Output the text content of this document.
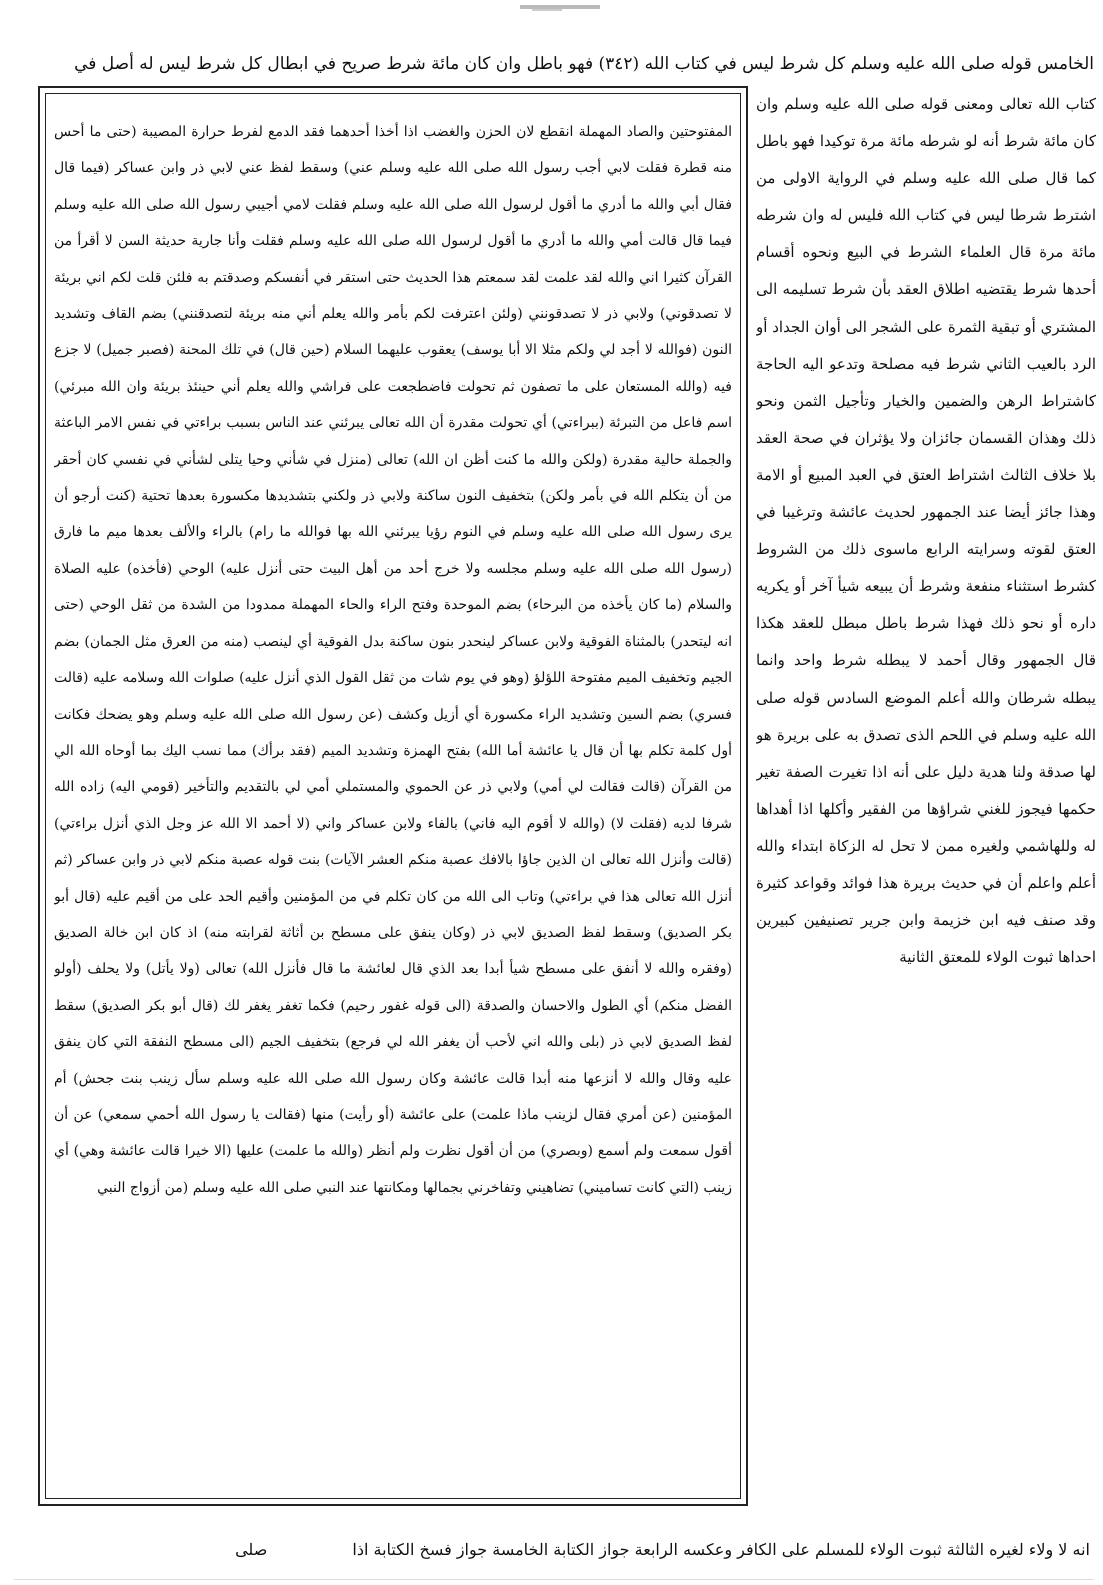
الخامس قوله صلى الله عليه وسلم كل شرط ليس في كتاب الله (٣٤٢) فهو باطل وان كان مائة شرط صريح في ابطال كل شرط ليس له أصل في
كتاب الله تعالى ومعنى قوله صلى الله عليه وسلم وان كان مائة شرط أنه لو شرطه مائة مرة توكيدا فهو باطل كما قال صلى الله عليه وسلم في الرواية الاولى من اشترط شرطا ليس في كتاب الله فليس له وان شرطه مائة مرة قال العلماء الشرط في البيع ونحوه أقسام أحدها شرط يقتضيه اطلاق العقد بأن شرط تسليمه الى المشتري أو تبقية الثمرة على الشجر الى أوان الجداد أو الرد بالعيب الثاني شرط فيه مصلحة وتدعو اليه الحاجة كاشتراط الرهن والضمين والخيار وتأجيل الثمن ونحو ذلك وهذان القسمان جائزان ولا يؤثران في صحة العقد بلا خلاف الثالث اشتراط العتق في العبد المبيع أو الامة وهذا جائز أيضا عند الجمهور لحديث عائشة وترغيبا في العتق لقوته وسرايته الرابع ماسوى ذلك من الشروط كشرط استثناء منفعة وشرط أن يبيعه شيأ آخر أو يكريه داره أو نحو ذلك فهذا شرط باطل مبطل للعقد هكذا قال الجمهور وقال أحمد لا يبطله شرط واحد وانما يبطله شرطان والله أعلم الموضع السادس قوله صلى الله عليه وسلم في اللحم الذى تصدق به على بريرة هو لها صدقة ولنا هدية دليل على أنه اذا تغيرت الصفة تغير حكمها فيجوز للغني شراؤها من الفقير وأكلها اذا أهداها له وللهاشمي ولغيره ممن لا تحل له الزكاة ابتداء والله أعلم واعلم أن في حديث بريرة هذا فوائد وقواعد كثيرة وقد صنف فيه ابن خزيمة وابن جرير تصنيفين كبيرين احداها ثبوت الولاء للمعتق الثانية
المفتوحتين والصاد المهملة انقطع لان الحزن والغضب اذا أخذا أحدهما فقد الدمع لفرط حرارة المصيبة (حتى ما أحس منه قطرة فقلت لابي أجب رسول الله صلى الله عليه وسلم عني) وسقط لفظ عني لابي ذر وابن عساكر (فيما قال فقال أبي والله ما أدري ما أقول لرسول الله صلى الله عليه وسلم فقلت لامي أجيبي رسول الله صلى الله عليه وسلم فيما قال قالت أمي والله ما أدري ما أقول لرسول الله صلى الله عليه وسلم فقلت وأنا جارية حديثة السن لا أقرأ من القرآن كثيرا اني والله لقد علمت لقد سمعتم هذا الحديث حتى استقر في أنفسكم وصدقتم به فلئن قلت لكم اني بريئة لا تصدقوني) ولابي ذر لا تصدقونني (ولئن اعترفت لكم بأمر والله يعلم أني منه بريئة لتصدقنني) بضم القاف وتشديد النون (فوالله لا أجد لي ولكم مثلا الا أبا يوسف) يعقوب عليهما السلام (حين قال) في تلك المحنة (فصبر جميل) لا جزع فيه (والله المستعان على ما تصفون ثم تحولت فاضطجعت على فراشي والله يعلم أني حينئذ بريئة وان الله مبرئي) اسم فاعل من التبرئة (ببراءتي) أي تحولت مقدرة أن الله تعالى يبرئني عند الناس بسبب براءتي في نفس الامر الباعثة والجملة حالية مقدرة (ولكن والله ما كنت أظن ان الله) تعالى (منزل في شأني وحيا يتلى لشأني في نفسي كان أحقر من أن يتكلم الله في بأمر ولكن) بتخفيف النون ساكنة ولابي ذر ولكني بتشديدها مكسورة بعدها تحتية (كنت أرجو أن يرى رسول الله صلى الله عليه وسلم في النوم رؤيا يبرئني الله بها فوالله ما رام) بالراء والألف بعدها ميم ما فارق (رسول الله صلى الله عليه وسلم مجلسه ولا خرج أحد من أهل البيت حتى أنزل عليه) الوحي (فأخذه) عليه الصلاة والسلام (ما كان يأخذه من البرحاء) بضم الموحدة وفتح الراء والحاء المهملة ممدودا من الشدة من ثقل الوحي (حتى انه ليتحدر) بالمثناة الفوقية ولابن عساكر لينحدر بنون ساكنة بدل الفوقية أي لينصب (منه من العرق مثل الجمان) بضم الجيم وتخفيف الميم مفتوحة اللؤلؤ (وهو في يوم شات من ثقل القول الذي أنزل عليه) صلوات الله وسلامه عليه (قالت فسري) بضم السين وتشديد الراء مكسورة أي أزيل وكشف (عن رسول الله صلى الله عليه وسلم وهو يضحك فكانت أول كلمة تكلم بها أن قال يا عائشة أما الله) بفتح الهمزة وتشديد الميم (فقد برأك) مما نسب اليك بما أوحاه الله الي من القرآن (قالت فقالت لي أمي) ولابي ذر عن الحموي والمستملي أمي لي بالتقديم والتأخير (قومي اليه) زاده الله شرفا لديه (فقلت لا) (والله لا أقوم اليه فاني) بالفاء ولابن عساكر واني (لا أحمد الا الله عز وجل الذي أنزل براءتي) (قالت وأنزل الله تعالى ان الذين جاؤا بالافك عصبة منكم العشر الآيات) بنت قوله عصبة منكم لابي ذر وابن عساكر (ثم أنزل الله تعالى هذا في براءتي) وتاب الى الله من كان تكلم في من المؤمنين وأقيم الحد على من أقيم عليه (قال أبو بكر الصديق) وسقط لفظ الصديق لابي ذر (وكان ينفق على مسطح بن أثاثة لقرابته منه) اذ كان ابن خالة الصديق (وفقره والله لا أنفق على مسطح شيأ أبدا بعد الذي قال لعائشة ما قال فأنزل الله) تعالى (ولا يأتل) ولا يحلف (أولو الفضل منكم) أي الطول والاحسان والصدقة (الى قوله غفور رحيم) فكما تغفر يغفر لك (قال أبو بكر الصديق) سقط لفظ الصديق لابي ذر (بلى والله اني لأحب أن يغفر الله لي فرجع) بتخفيف الجيم (الى مسطح النفقة التي كان ينفق عليه وقال والله لا أنزعها منه أبدا قالت عائشة وكان رسول الله صلى الله عليه وسلم سأل زينب بنت جحش) أم المؤمنين (عن أمري فقال لزينب ماذا علمت) على عائشة (أو رأيت) منها (فقالت يا رسول الله أحمي سمعي) عن أن أقول سمعت ولم أسمع (وبصري) من أن أقول نظرت ولم أنظر (والله ما علمت) عليها (الا خيرا قالت عائشة وهي) أي زينب (التي كانت تساميني) تضاهيني وتفاخرني بجمالها ومكانتها عند النبي صلى الله عليه وسلم (من أزواج النبي
انه لا ولاء لغيره الثالثة ثبوت الولاء للمسلم على الكافر وعكسه الرابعة جواز الكتابة الخامسة جواز فسخ الكتابة اذا صلى
